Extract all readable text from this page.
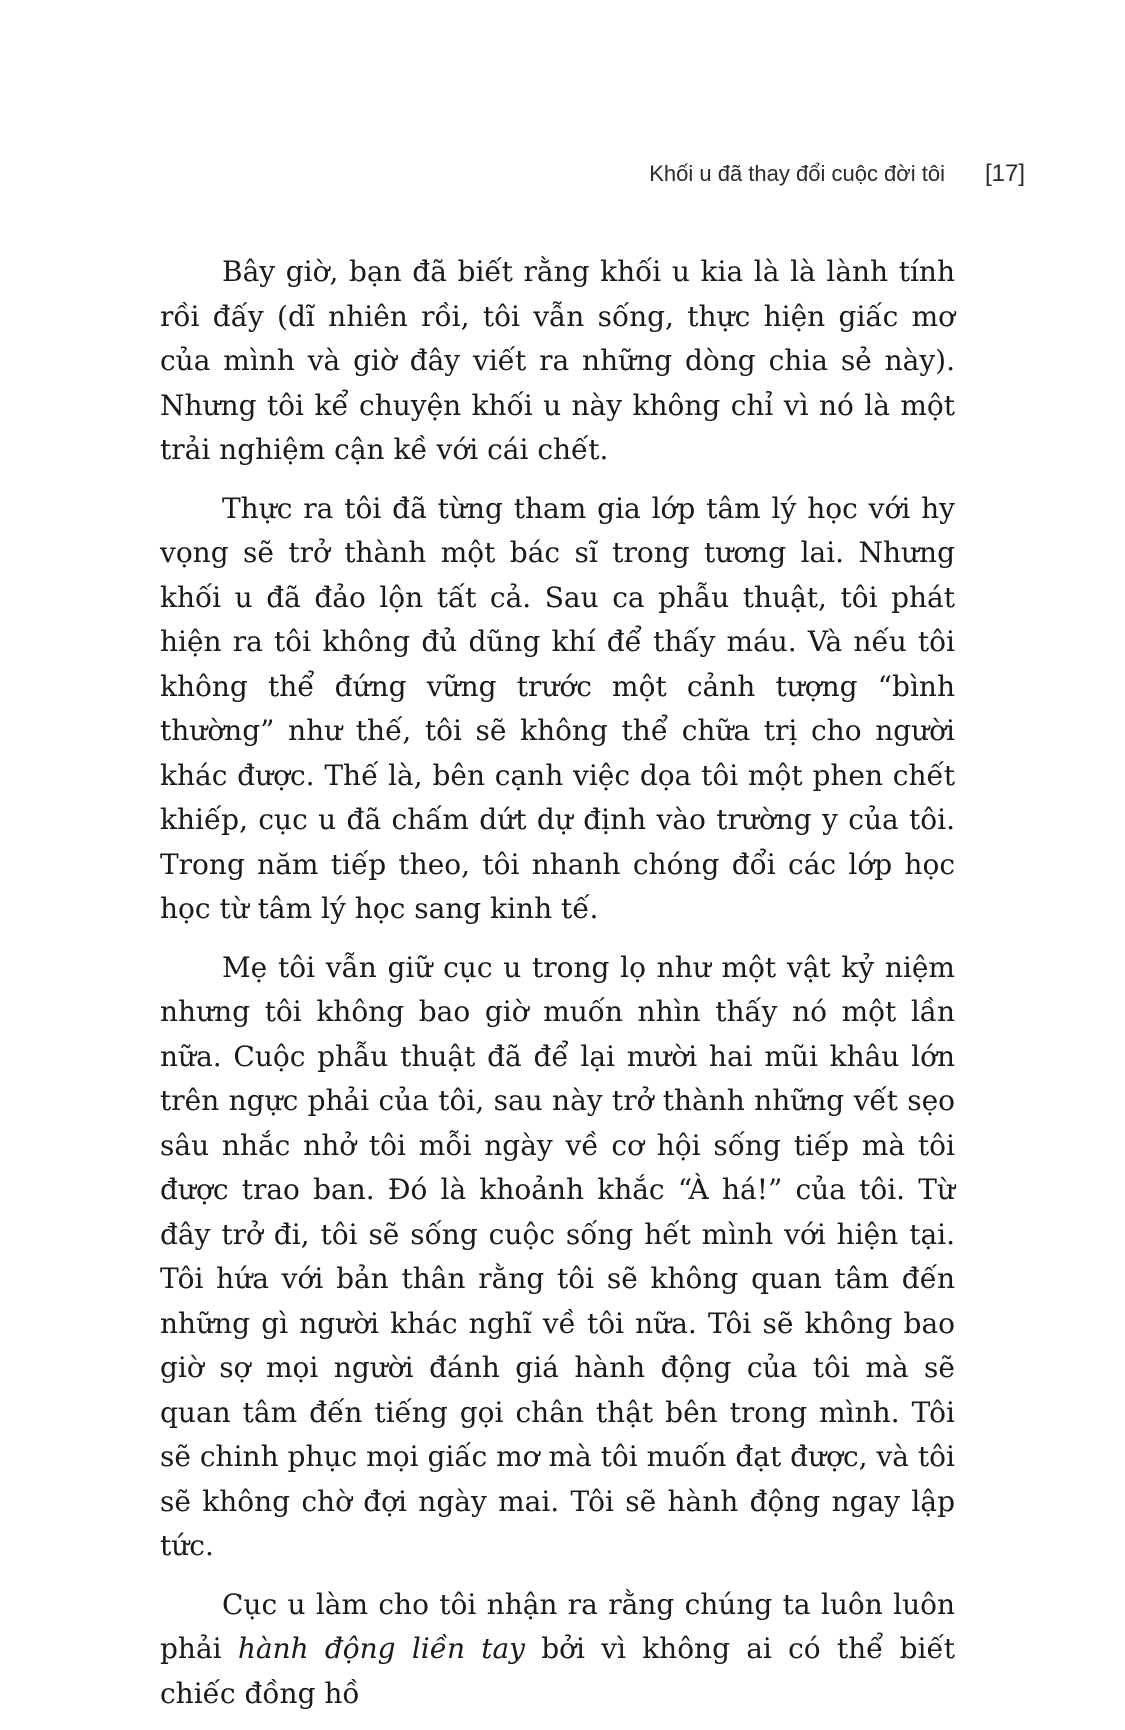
Khối u đã thay đổi cuộc đời tôi [17]

Bây giờ, bạn đã biết rằng khối u kia là là lành tính rồi đấy (dĩ nhiên rồi, tôi vẫn sống, thực hiện giấc mơ của mình và giờ đây viết ra những dòng chia sẻ này). Nhưng tôi kể chuyện khối u này không chỉ vì nó là một trải nghiệm cận kề với cái chết.

Thực ra tôi đã từng tham gia lớp tâm lý học với hy vọng sẽ trở thành một bác sĩ trong tương lai. Nhưng khối u đã đảo lộn tất cả. Sau ca phẫu thuật, tôi phát hiện ra tôi không đủ dũng khí để thấy máu. Và nếu tôi không thể đứng vững trước một cảnh tượng “bình thường” như thế, tôi sẽ không thể chữa trị cho người khác được. Thế là, bên cạnh việc dọa tôi một phen chết khiếp, cục u đã chấm dứt dự định vào trường y của tôi. Trong năm tiếp theo, tôi nhanh chóng đổi các lớp học học từ tâm lý học sang kinh tế.

Mẹ tôi vẫn giữ cục u trong lọ như một vật kỷ niệm nhưng tôi không bao giờ muốn nhìn thấy nó một lần nữa. Cuộc phẫu thuật đã để lại mười hai mũi khâu lớn trên ngực phải của tôi, sau này trở thành những vết sẹo sâu nhắc nhở tôi mỗi ngày về cơ hội sống tiếp mà tôi được trao ban. Đó là khoảnh khắc “À há!” của tôi. Từ đây trở đi, tôi sẽ sống cuộc sống hết mình với hiện tại. Tôi hứa với bản thân rằng tôi sẽ không quan tâm đến những gì người khác nghĩ về tôi nữa. Tôi sẽ không bao giờ sợ mọi người đánh giá hành động của tôi mà sẽ quan tâm đến tiếng gọi chân thật bên trong mình. Tôi sẽ chinh phục mọi giấc mơ mà tôi muốn đạt được, và tôi sẽ không chờ đợi ngày mai. Tôi sẽ hành động ngay lập tức.

Cục u làm cho tôi nhận ra rằng chúng ta luôn luôn phải hành động liền tay bởi vì không ai có thể biết chiếc đồng hồ
